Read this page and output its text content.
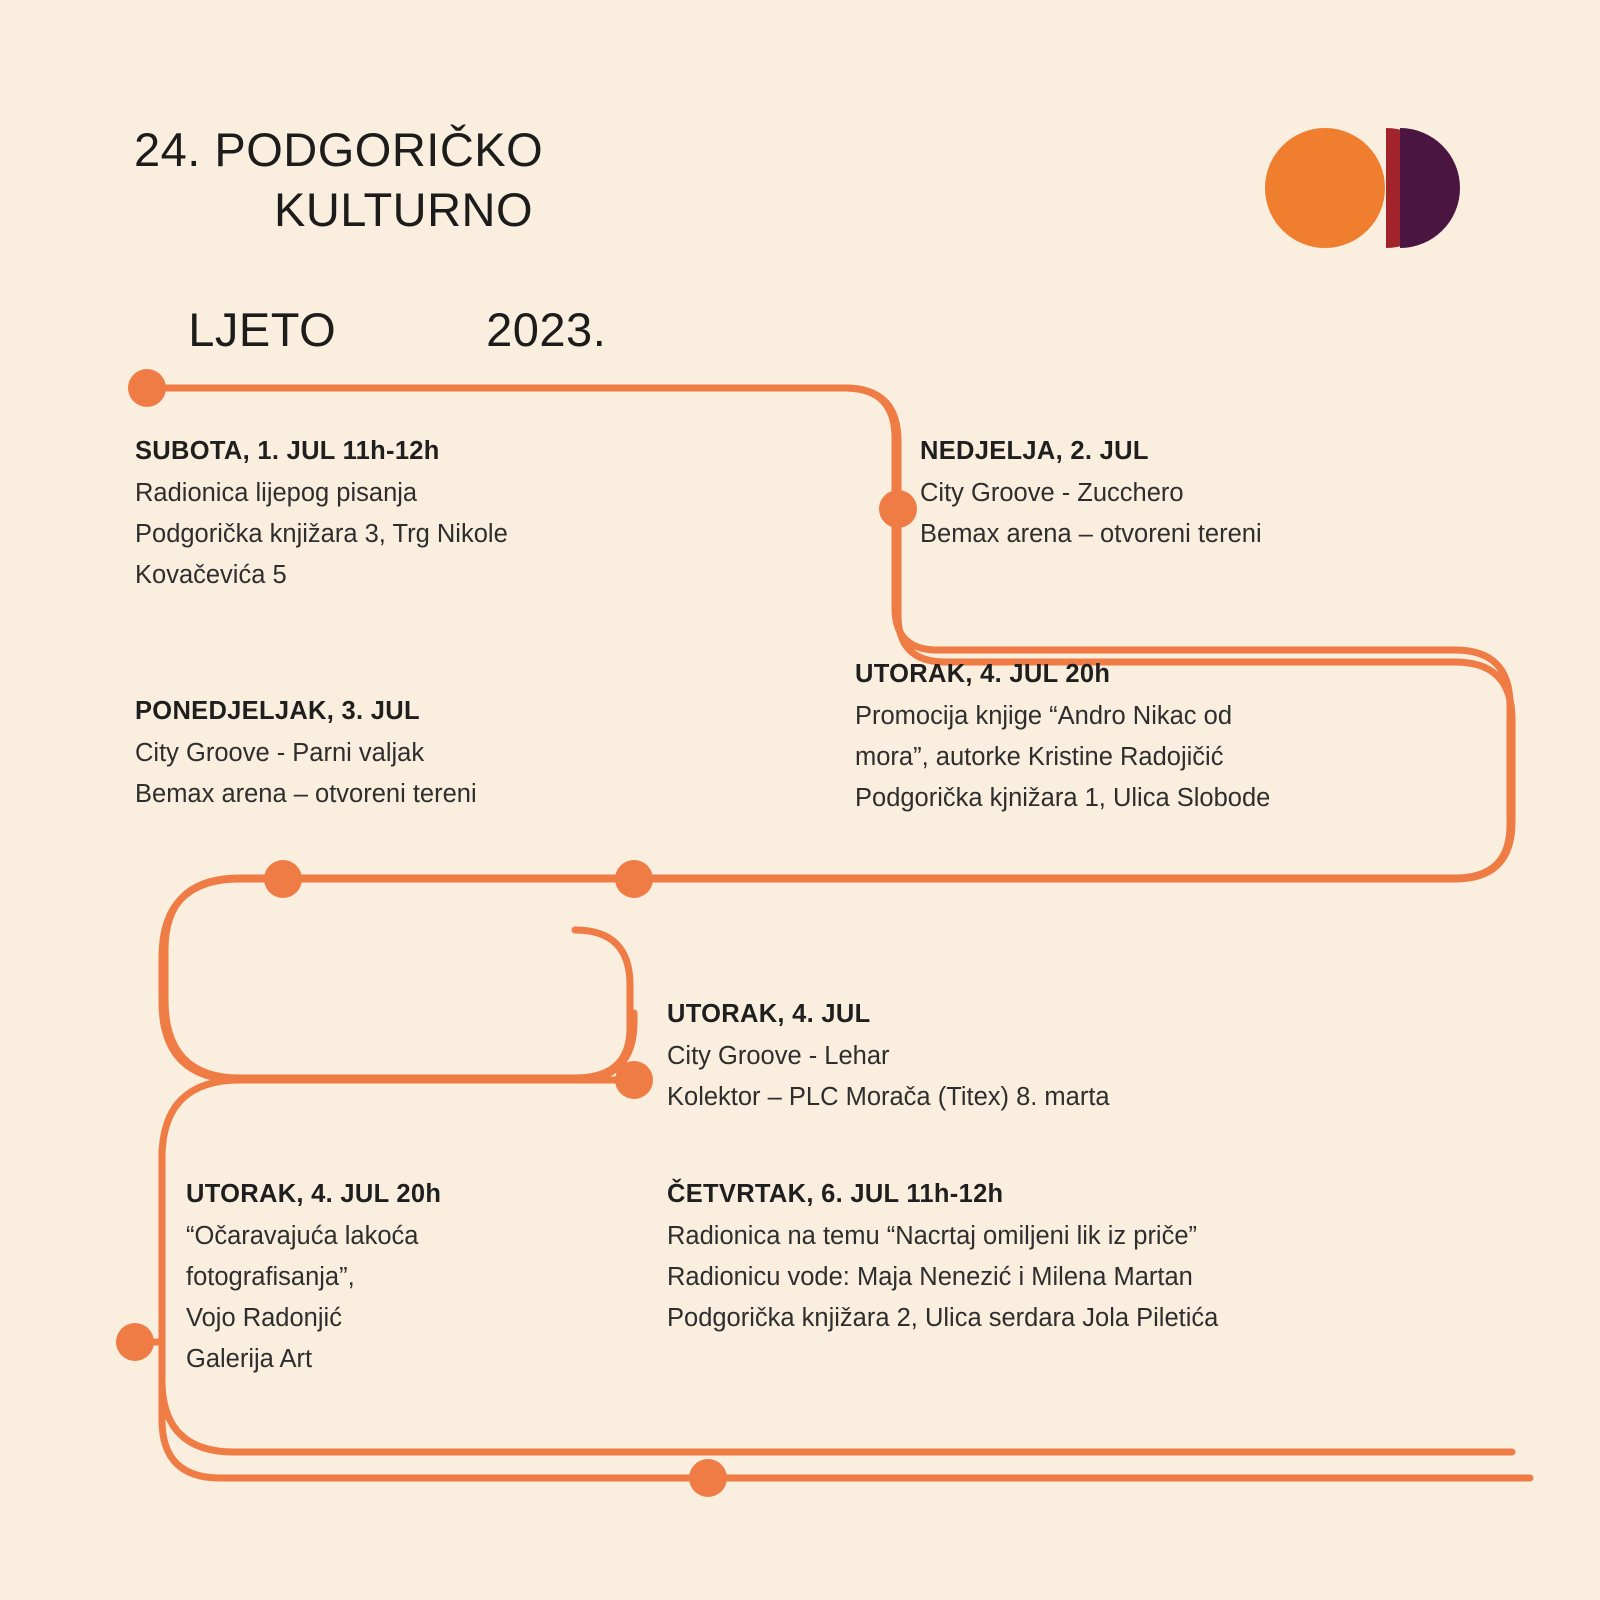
24. PODGORIČKO
KULTURNO

LJETO	2023.

SUBOTA, 1. JUL 11h-12h
Radionica lijepog pisanja
Podgorička knjižara 3, Trg Nikole
Kovačevića 5
NEDJELJA, 2. JUL
City Groove - Zucchero
Bemax arena – otvoreni tereni
PONEDJELJAK, 3. JUL
City Groove - Parni valjak
Bemax arena – otvoreni tereni
UTORAK, 4. JUL 20h
Promocija knjige “Andro Nikac od
mora”, autorke Kristine Radojičić
Podgorička kjnižara 1, Ulica Slobode
UTORAK, 4. JUL
City Groove - Lehar
Kolektor – PLC Morača (Titex) 8. marta
UTORAK, 4. JUL 20h
“Očaravajuća lakoća
fotografisanja”,
Vojo Radonjić
Galerija Art
ČETVRTAK, 6. JUL 11h-12h
Radionica na temu “Nacrtaj omiljeni lik iz priče”
Radionicu vode: Maja Nenezić i Milena Martan
Podgorička knjižara 2, Ulica serdara Jola Piletića
